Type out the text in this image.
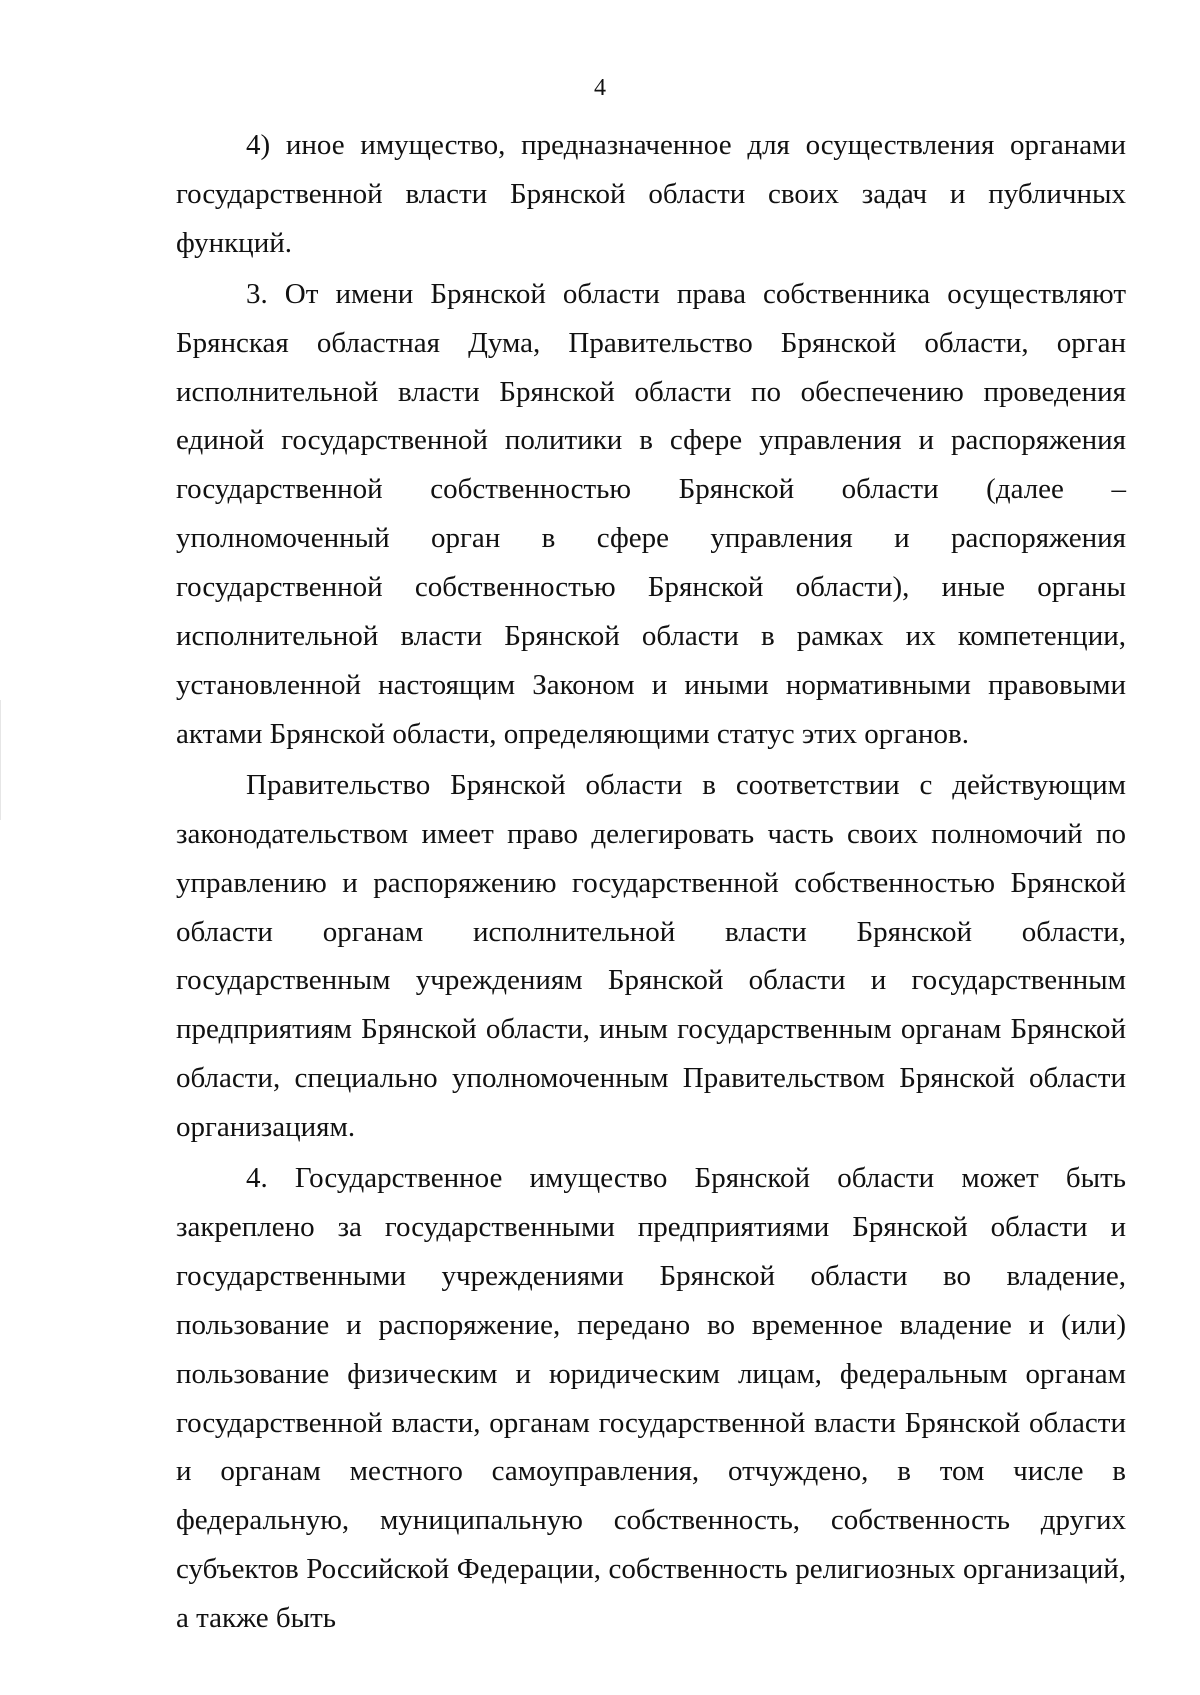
4

4) иное имущество, предназначенное для осуществления органами государственной власти Брянской области своих задач и публичных функций.

3. От имени Брянской области права собственника осуществляют Брянская областная Дума, Правительство Брянской области, орган исполнительной власти Брянской области по обеспечению проведения единой государственной политики в сфере управления и распоряжения государственной собственностью Брянской области (далее – уполномоченный орган в сфере управления и распоряжения государственной собственностью Брянской области), иные органы исполнительной власти Брянской области в рамках их компетенции, установленной настоящим Законом и иными нормативными правовыми актами Брянской области, определяющими статус этих органов.

Правительство Брянской области в соответствии с действующим законодательством имеет право делегировать часть своих полномочий по управлению и распоряжению государственной собственностью Брянской области органам исполнительной власти Брянской области, государственным учреждениям Брянской области и государственным предприятиям Брянской области, иным государственным органам Брянской области, специально уполномоченным Правительством Брянской области организациям.

4. Государственное имущество Брянской области может быть закреплено за государственными предприятиями Брянской области и государственными учреждениями Брянской области во владение, пользование и распоряжение, передано во временное владение и (или) пользование физическим и юридическим лицам, федеральным органам государственной власти, органам государственной власти Брянской области и органам местного самоуправления, отчуждено, в том числе в федеральную, муниципальную собственность, собственность других субъектов Российской Федерации, собственность религиозных организаций, а также быть
